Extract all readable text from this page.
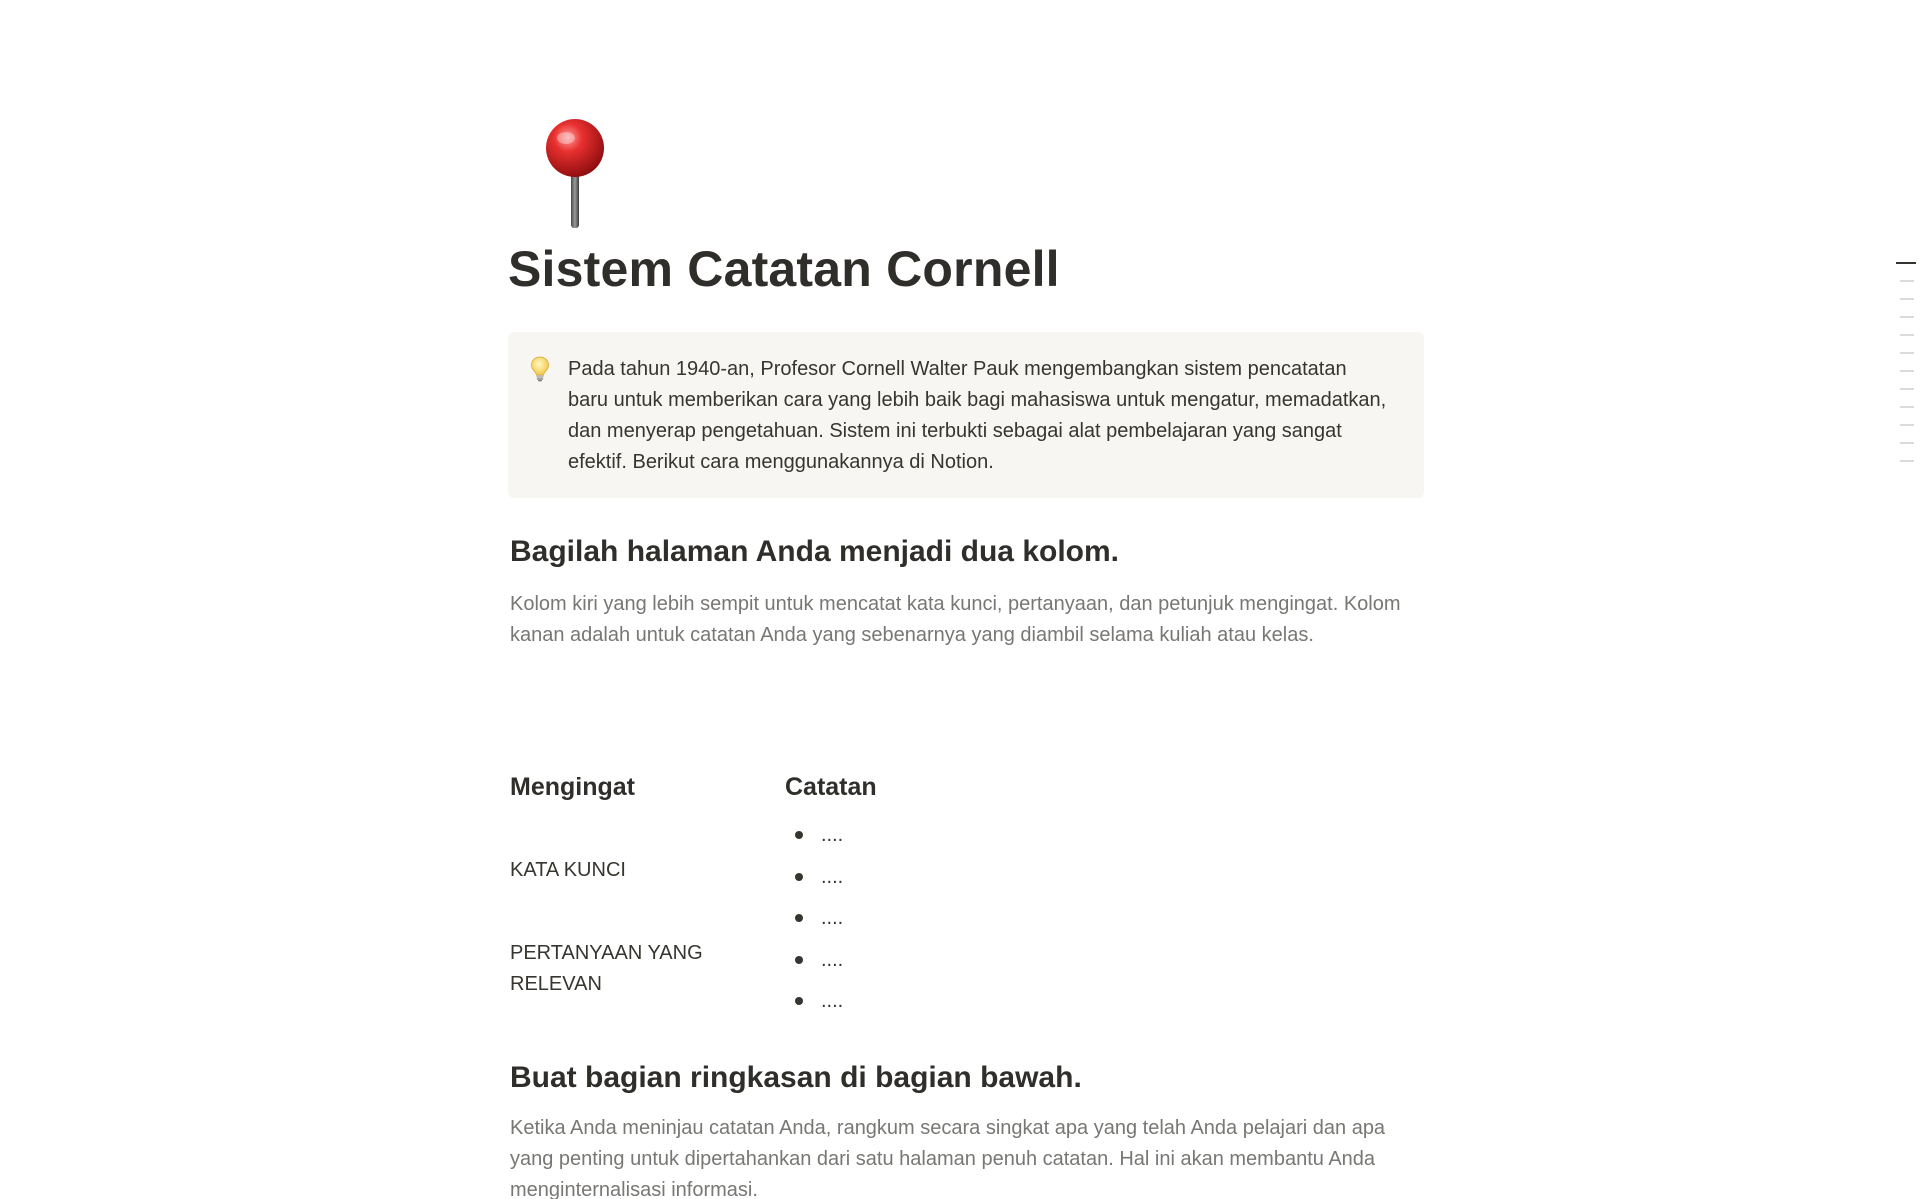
Sistem Catatan Cornell

Pada tahun 1940-an, Profesor Cornell Walter Pauk mengembangkan sistem pencatatan baru untuk memberikan cara yang lebih baik bagi mahasiswa untuk mengatur, memadatkan, dan menyerap pengetahuan. Sistem ini terbukti sebagai alat pembelajaran yang sangat efektif. Berikut cara menggunakannya di Notion.

Bagilah halaman Anda menjadi dua kolom.

Kolom kiri yang lebih sempit untuk mencatat kata kunci, pertanyaan, dan petunjuk mengingat. Kolom kanan adalah untuk catatan Anda yang sebenarnya yang diambil selama kuliah atau kelas.

Mengingat
KATA KUNCI
PERTANYAAN YANG RELEVAN
Catatan
....
....
....
....
....
Buat bagian ringkasan di bagian bawah.

Ketika Anda meninjau catatan Anda, rangkum secara singkat apa yang telah Anda pelajari dan apa yang penting untuk dipertahankan dari satu halaman penuh catatan. Hal ini akan membantu Anda menginternalisasi informasi.
